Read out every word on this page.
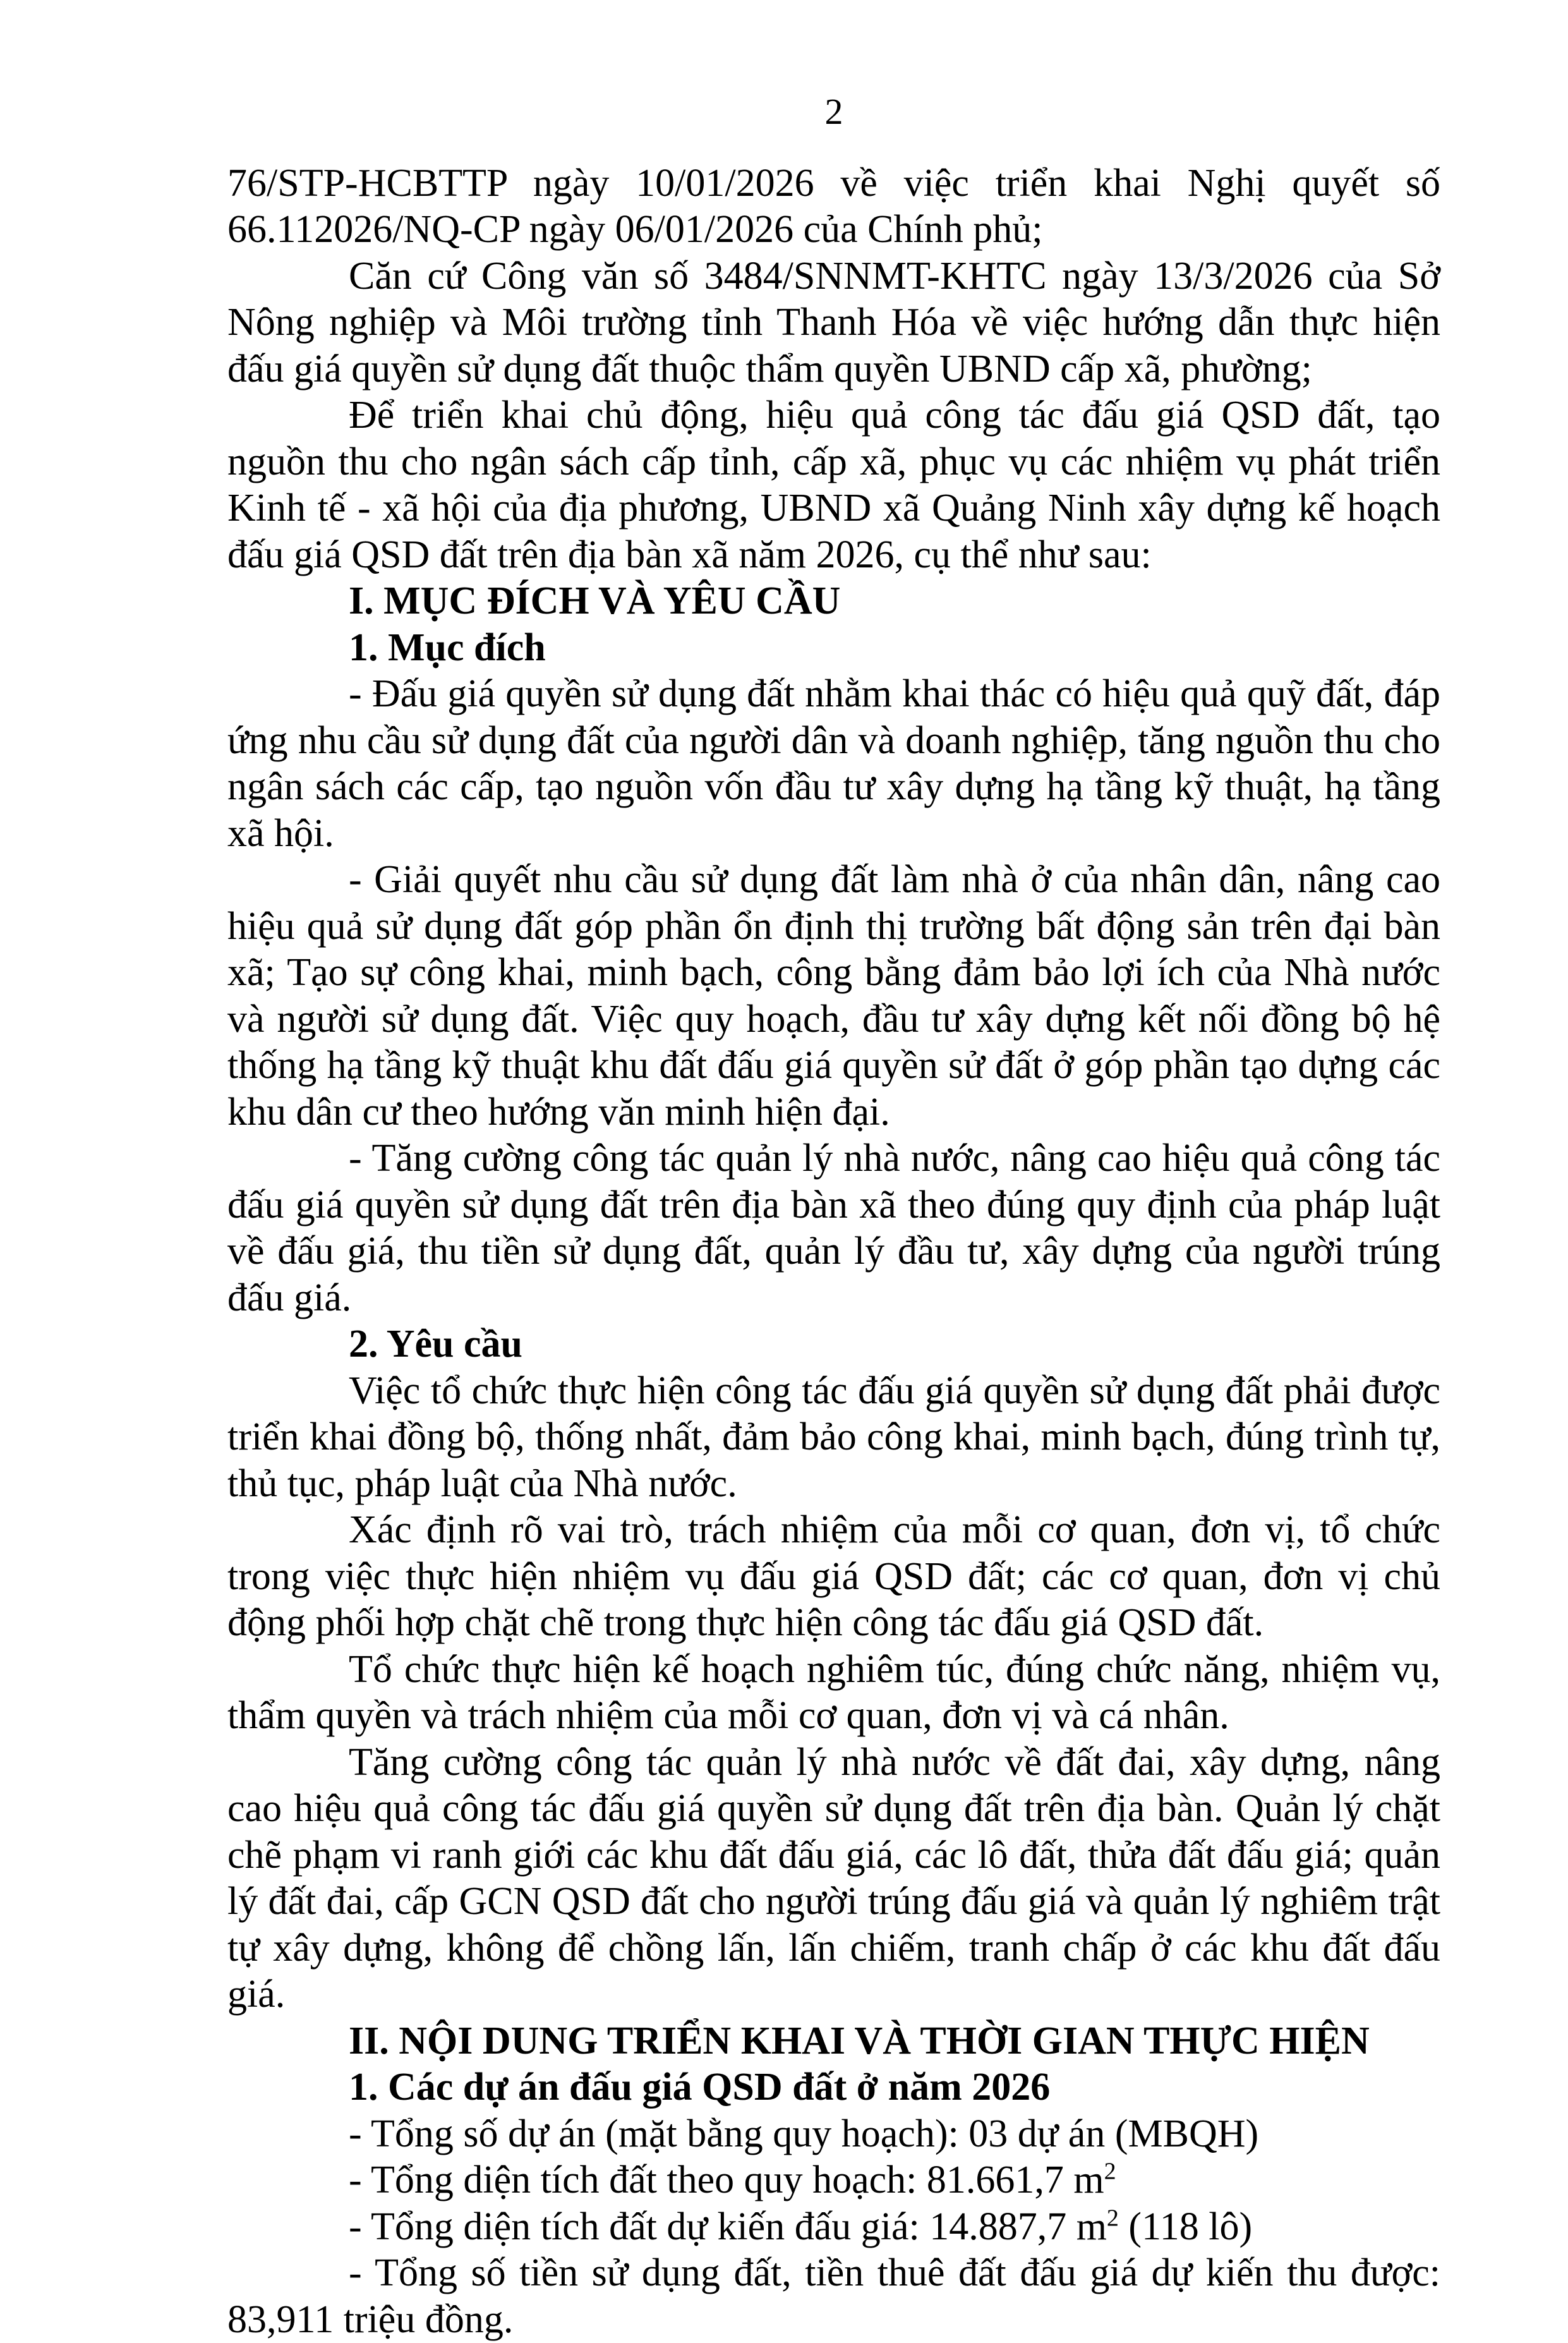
2

76/STP-HCBTTP ngày 10/01/2026 về việc triển khai Nghị quyết số 66.112026/NQ-CP ngày 06/01/2026 của Chính phủ;

Căn cứ Công văn số 3484/SNNMT-KHTC ngày 13/3/2026 của Sở Nông nghiệp và Môi trường tỉnh Thanh Hóa về việc hướng dẫn thực hiện đấu giá quyền sử dụng đất thuộc thẩm quyền UBND cấp xã, phường;

Để triển khai chủ động, hiệu quả công tác đấu giá QSD đất, tạo nguồn thu cho ngân sách cấp tỉnh, cấp xã, phục vụ các nhiệm vụ phát triển Kinh tế - xã hội của địa phương, UBND xã Quảng Ninh xây dựng kế hoạch đấu giá QSD đất trên địa bàn xã năm 2026, cụ thể như sau:

I. MỤC ĐÍCH VÀ YÊU CẦU

1. Mục đích

- Đấu giá quyền sử dụng đất nhằm khai thác có hiệu quả quỹ đất, đáp ứng nhu cầu sử dụng đất của người dân và doanh nghiệp, tăng nguồn thu cho ngân sách các cấp, tạo nguồn vốn đầu tư xây dựng hạ tầng kỹ thuật, hạ tầng xã hội.

- Giải quyết nhu cầu sử dụng đất làm nhà ở của nhân dân, nâng cao hiệu quả sử dụng đất góp phần ổn định thị trường bất động sản trên đại bàn xã; Tạo sự công khai, minh bạch, công bằng đảm bảo lợi ích của Nhà nước và người sử dụng đất. Việc quy hoạch, đầu tư xây dựng kết nối đồng bộ hệ thống hạ tầng kỹ thuật khu đất đấu giá quyền sử đất ở góp phần tạo dựng các khu dân cư theo hướng văn minh hiện đại.

- Tăng cường công tác quản lý nhà nước, nâng cao hiệu quả công tác đấu giá quyền sử dụng đất trên địa bàn xã theo đúng quy định của pháp luật về đấu giá, thu tiền sử dụng đất, quản lý đầu tư, xây dựng của người trúng đấu giá.

2. Yêu cầu

Việc tổ chức thực hiện công tác đấu giá quyền sử dụng đất phải được triển khai đồng bộ, thống nhất, đảm bảo công khai, minh bạch, đúng trình tự, thủ tục, pháp luật của Nhà nước.

Xác định rõ vai trò, trách nhiệm của mỗi cơ quan, đơn vị, tổ chức trong việc thực hiện nhiệm vụ đấu giá QSD đất; các cơ quan, đơn vị chủ động phối hợp chặt chẽ trong thực hiện công tác đấu giá QSD đất.

Tổ chức thực hiện kế hoạch nghiêm túc, đúng chức năng, nhiệm vụ, thẩm quyền và trách nhiệm của mỗi cơ quan, đơn vị và cá nhân.

Tăng cường công tác quản lý nhà nước về đất đai, xây dựng, nâng cao hiệu quả công tác đấu giá quyền sử dụng đất trên địa bàn. Quản lý chặt chẽ phạm vi ranh giới các khu đất đấu giá, các lô đất, thửa đất đấu giá; quản lý đất đai, cấp GCN QSD đất cho người trúng đấu giá và quản lý nghiêm trật tự xây dựng, không để chồng lấn, lấn chiếm, tranh chấp ở các khu đất đấu giá.

II. NỘI DUNG TRIỂN KHAI VÀ THỜI GIAN THỰC HIỆN

1. Các dự án đấu giá QSD đất ở năm 2026

- Tổng số dự án (mặt bằng quy hoạch): 03 dự án (MBQH)

- Tổng diện tích đất theo quy hoạch: 81.661,7 $m^2$

- Tổng diện tích đất dự kiến đấu giá: 14.887,7 $m^2$ (118 lô)

- Tổng số tiền sử dụng đất, tiền thuê đất đấu giá dự kiến thu được: 83,911 triệu đồng.
